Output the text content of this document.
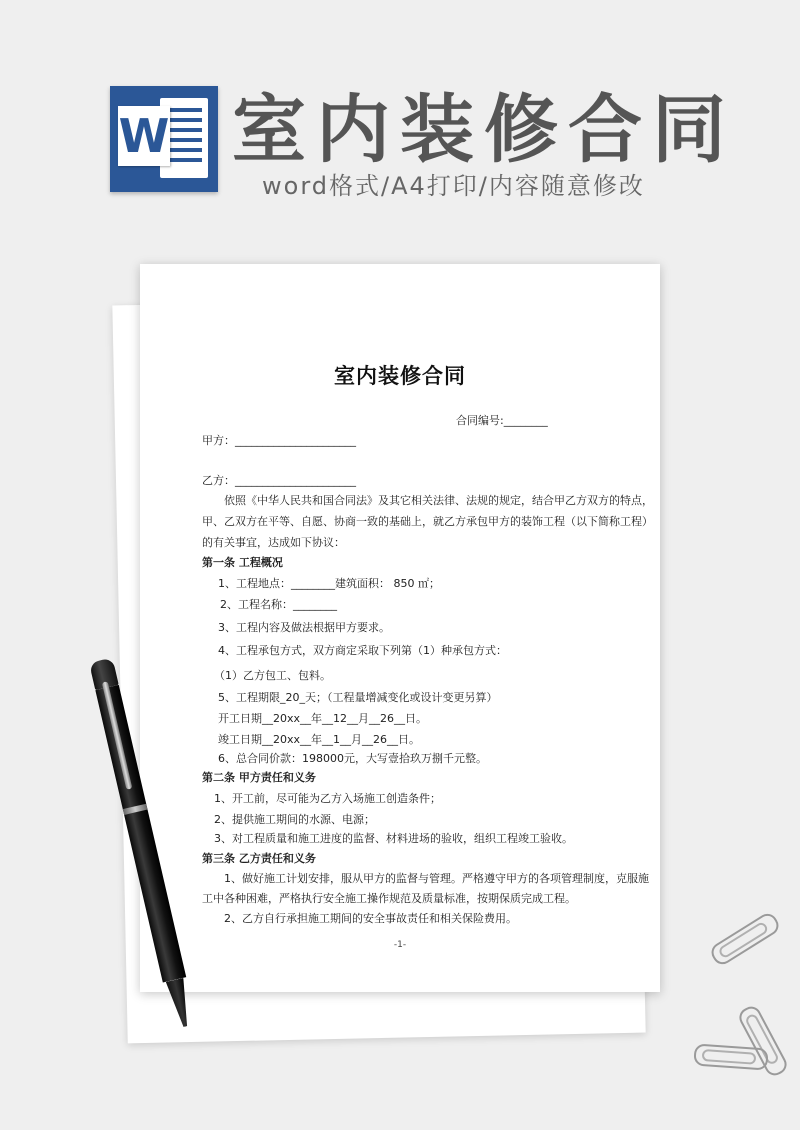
W 室内装修合同
word格式/A4打印/内容随意修改
室内装修合同
合同编号:________
甲方：______________________
乙方：______________________
依照《中华人民共和国合同法》及其它相关法律、法规的规定，结合甲乙方双方的特点，
甲、乙双方在平等、自愿、协商一致的基础上，就乙方承包甲方的装饰工程（以下简称工程）
的有关事宜，达成如下协议：
第一条 工程概况
1、工程地点：________建筑面积： 850 ㎡；
2、工程名称：________
3、工程内容及做法根据甲方要求。
4、工程承包方式，双方商定采取下列第（1）种承包方式：
（1）乙方包工、包料。
5、工程期限_20_天；（工程量增减变化或设计变更另算）
开工日期__20xx__年__12__月__26__日。
竣工日期__20xx__年__1__月__26__日。
6、总合同价款：198000元，大写壹拾玖万捌千元整。
第二条 甲方责任和义务
1、开工前，尽可能为乙方入场施工创造条件；
2、提供施工期间的水源、电源；
3、对工程质量和施工进度的监督、材料进场的验收，组织工程竣工验收。
第三条 乙方责任和义务
1、做好施工计划安排，服从甲方的监督与管理。严格遵守甲方的各项管理制度，克服施
工中各种困难，严格执行安全施工操作规范及质量标准，按期保质完成工程。
2、乙方自行承担施工期间的安全事故责任和相关保险费用。
-1-
